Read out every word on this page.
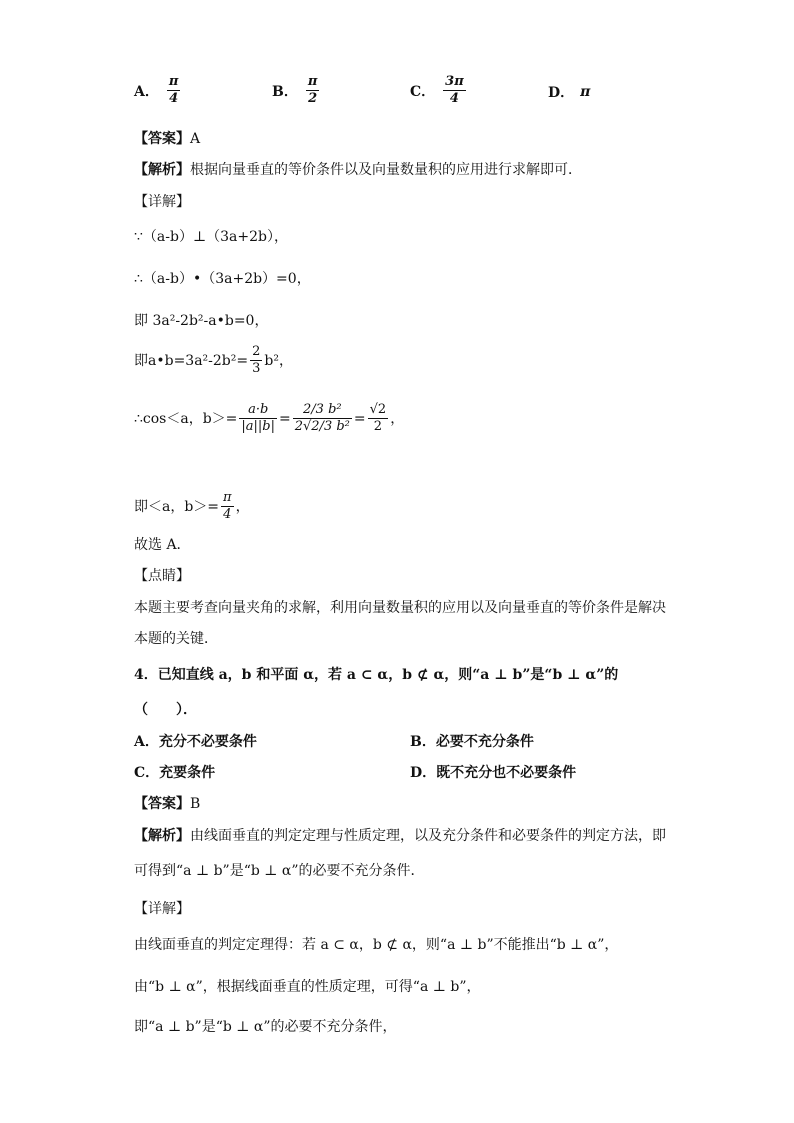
A． $\frac{\pi}{4}$	B． $\frac{\pi}{2}$	C． $\frac{3\pi}{4}$	D． π
【答案】A
【解析】根据向量垂直的等价条件以及向量数量积的应用进行求解即可．
【详解】
∵（a-b）⊥（3a+2b），
∴（a-b）•（3a+2b）=0，
即 3a²-2b²-a•b=0，
即a•b=3a²-2b²= $\frac{2}{3} b^2$，
∴cos＜a，$b>= \frac{a\cdot b}{|a||b|} = \frac{\text{2/3 b²}}{\text{2√2/3 b²}} = \frac{√2}{2}$ ，
即＜a，$b>= \frac{\pi}{4}$ ，
故选 A．
【点睛】
本题主要考查向量夹角的求解，利用向量数量积的应用以及向量垂直的等价条件是解决
本题的关键．
4．已知直线 a，b 和平面 α，若 a ⊂ α，b ⊄ α，则“a ⊥ b”是“b ⊥ α”的
（　　）．
A．充分不必要条件	B．必要不充分条件
C．充要条件	D．既不充分也不必要条件
【答案】B
【解析】由线面垂直的判定定理与性质定理，以及充分条件和必要条件的判定方法，即
可得到“a ⊥ b”是“b ⊥ α”的必要不充分条件．
【详解】
由线面垂直的判定定理得：若 a ⊂ α，b ⊄ α，则“a ⊥ b”不能推出“b ⊥ α”，
由“b ⊥ α”，根据线面垂直的性质定理，可得“a ⊥ b”，
即“a ⊥ b”是“b ⊥ α”的必要不充分条件，
